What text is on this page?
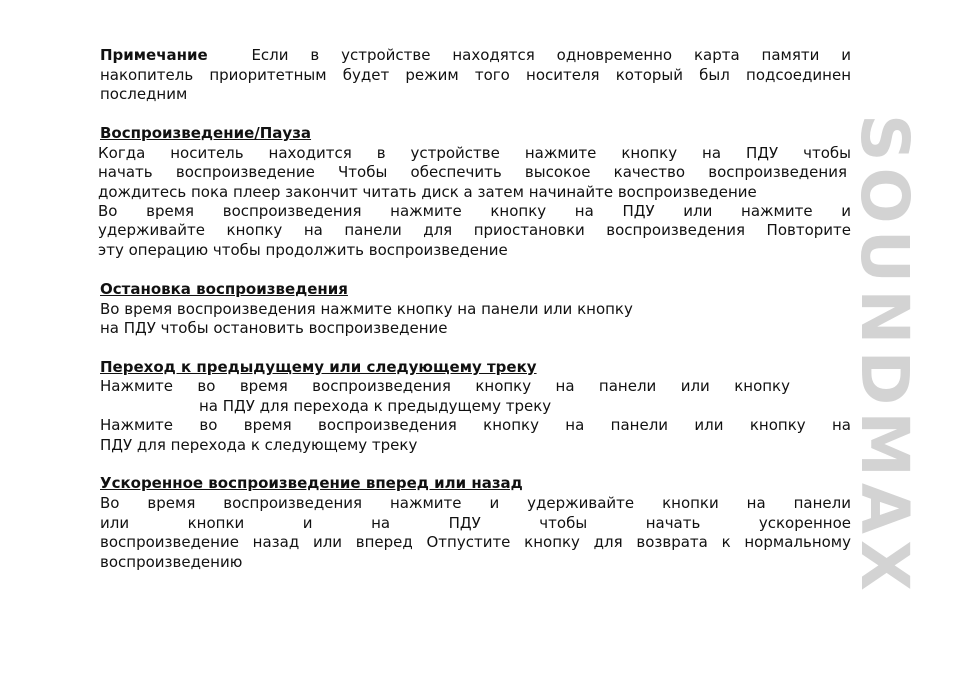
Примечание	Если в устройстве находятся одновременно карта памяти и
накопитель приоритетным будет режим того носителя который был подсоединен
последним
Воспроизведение/Пауза
Когда носитель находится в устройстве нажмите кнопку на ПДУ чтобы
начать воспроизведение Чтобы обеспечить высокое качество воспроизведения
дождитесь пока плеер закончит читать диск а затем начинайте воспроизведение
Во время воспроизведения нажмите кнопку на ПДУ или нажмите и
удерживайте кнопку на панели для приостановки воспроизведения Повторите
эту операцию чтобы продолжить воспроизведение
Остановка воспроизведения
Во время воспроизведения нажмите кнопку на панели или кнопку
на ПДУ чтобы остановить воспроизведение
Переход к предыдущему или следующему треку
Нажмите во время воспроизведения кнопку на панели или кнопку
на ПДУ для перехода к предыдущему треку
Нажмите во время воспроизведения кнопку на панели или кнопку на
ПДУ для перехода к следующему треку
Ускоренное воспроизведение вперед или назад
Во время воспроизведения нажмите и удерживайте кнопки на панели
или кнопки и на ПДУ чтобы начать ускоренное
воспроизведение назад или вперед Отпустите кнопку для возврата к нормальному
воспроизведению	SOUNDMAX
